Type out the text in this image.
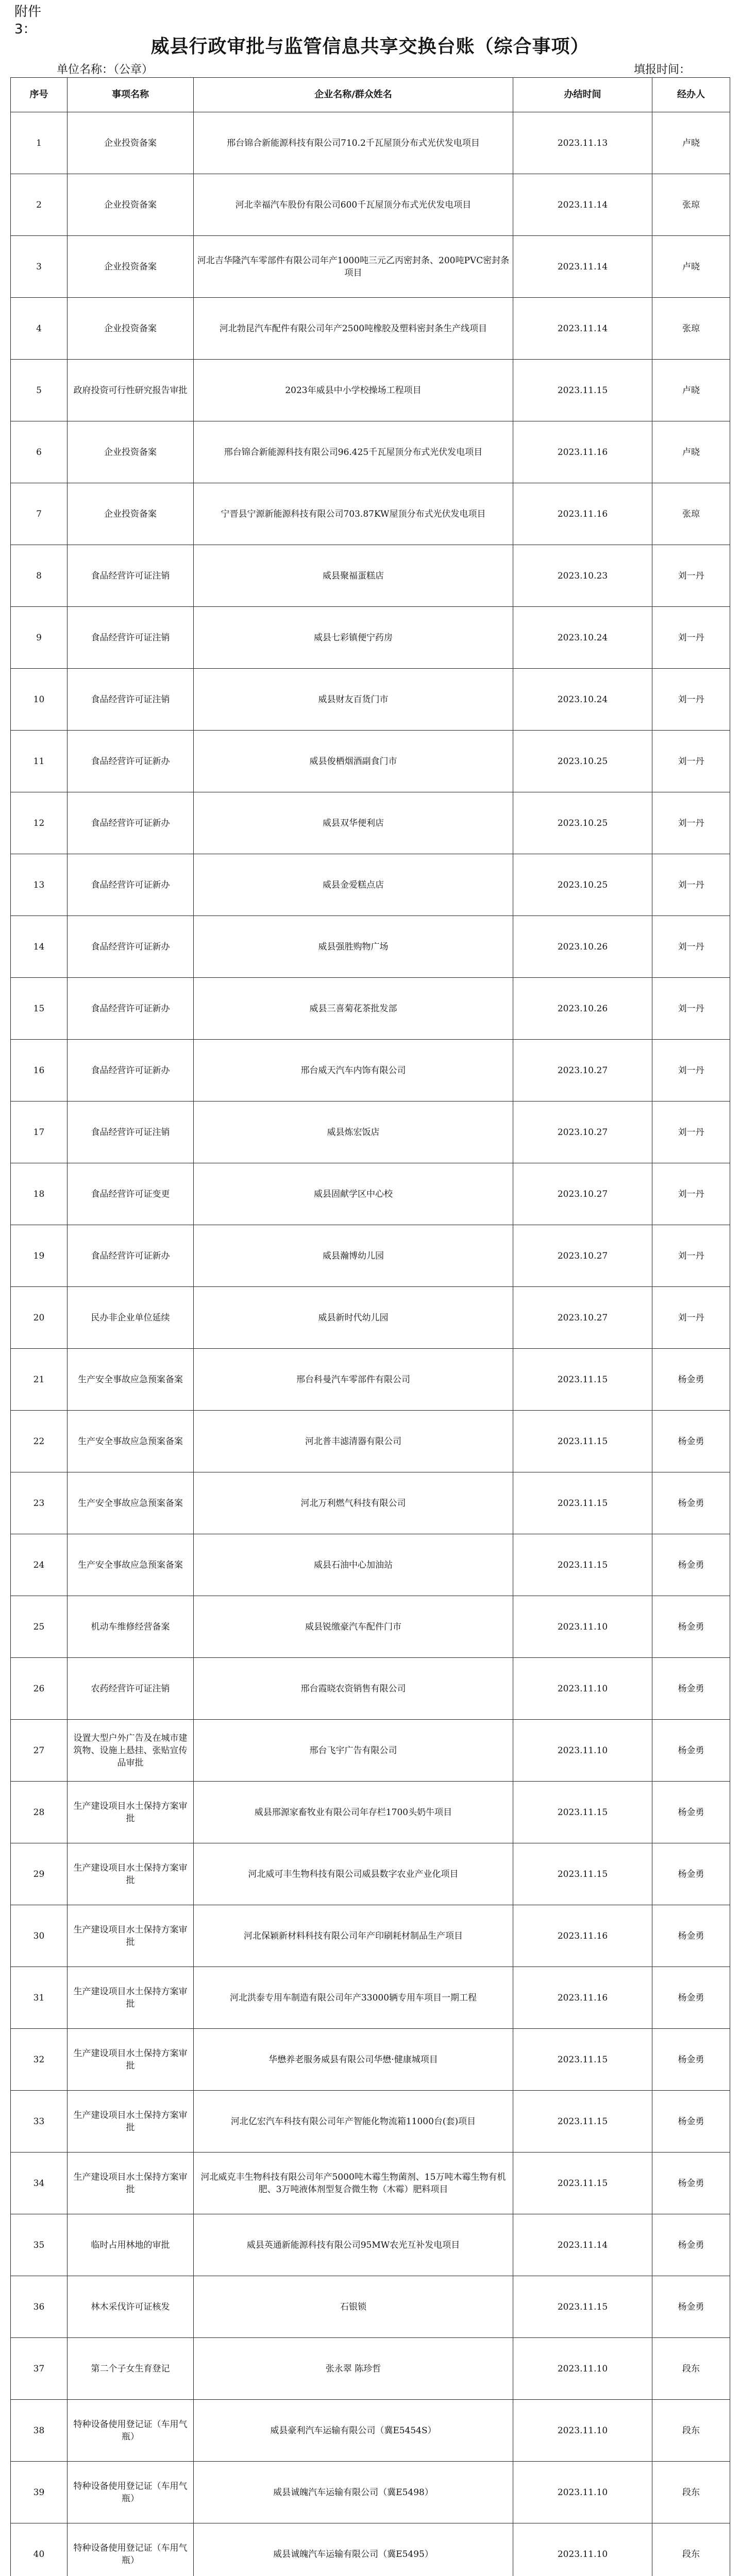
附件3：
威县行政审批与监管信息共享交换台账（综合事项）
单位名称：（公章）	填报时间：
序号	事项名称	企业名称/群众姓名	办结时间	经办人
1	企业投资备案	邢台锦合新能源科技有限公司710.2千瓦屋顶分布式光伏发电项目	2023.11.13	卢晓
2	企业投资备案	河北幸福汽车股份有限公司600千瓦屋顶分布式光伏发电项目	2023.11.14	张琼
3	企业投资备案	河北吉华隆汽车零部件有限公司年产1000吨三元乙丙密封条、200吨PVC密封条项目	2023.11.14	卢晓
4	企业投资备案	河北勃昆汽车配件有限公司年产2500吨橡胶及塑料密封条生产线项目	2023.11.14	张琼
5	政府投资可行性研究报告审批	2023年威县中小学校操场工程项目	2023.11.15	卢晓
6	企业投资备案	邢台锦合新能源科技有限公司96.425千瓦屋顶分布式光伏发电项目	2023.11.16	卢晓
7	企业投资备案	宁晋县宁源新能源科技有限公司703.87KW屋顶分布式光伏发电项目	2023.11.16	张琼
8	食品经营许可证注销	威县聚福蛋糕店	2023.10.23	刘一丹
9	食品经营许可证注销	威县七彩镇便宁药房	2023.10.24	刘一丹
10	食品经营许可证注销	威县财友百货门市	2023.10.24	刘一丹
11	食品经营许可证新办	威县俊栖烟酒副食门市	2023.10.25	刘一丹
12	食品经营许可证新办	威县双华便利店	2023.10.25	刘一丹
13	食品经营许可证新办	威县金爱糕点店	2023.10.25	刘一丹
14	食品经营许可证新办	威县强胜购物广场	2023.10.26	刘一丹
15	食品经营许可证新办	威县三喜菊花茶批发部	2023.10.26	刘一丹
16	食品经营许可证新办	邢台威天汽车内饰有限公司	2023.10.27	刘一丹
17	食品经营许可证注销	威县炼宏饭店	2023.10.27	刘一丹
18	食品经营许可证变更	威县固献学区中心校	2023.10.27	刘一丹
19	食品经营许可证新办	威县瀚博幼儿园	2023.10.27	刘一丹
20	民办非企业单位延续	威县新时代幼儿园	2023.10.27	刘一丹
21	生产安全事故应急预案备案	邢台科曼汽车零部件有限公司	2023.11.15	杨金勇
22	生产安全事故应急预案备案	河北普丰滤清器有限公司	2023.11.15	杨金勇
23	生产安全事故应急预案备案	河北万利燃气科技有限公司	2023.11.15	杨金勇
24	生产安全事故应急预案备案	威县石油中心加油站	2023.11.15	杨金勇
25	机动车维修经营备案	威县锐缴豪汽车配件门市	2023.11.10	杨金勇
26	农药经营许可证注销	邢台霞晓农资销售有限公司	2023.11.10	杨金勇
27	设置大型户外广告及在城市建筑物、设施上悬挂、张贴宣传品审批	邢台飞宇广告有限公司	2023.11.10	杨金勇
28	生产建设项目水土保持方案审批	威县邢源家畜牧业有限公司年存栏1700头奶牛项目	2023.11.15	杨金勇
29	生产建设项目水土保持方案审批	河北威可丰生物科技有限公司威县数字农业产业化项目	2023.11.15	杨金勇
30	生产建设项目水土保持方案审批	河北保颖新材料科技有限公司年产印刷耗材制品生产项目	2023.11.16	杨金勇
31	生产建设项目水土保持方案审批	河北洪泰专用车制造有限公司年产33000辆专用车项目一期工程	2023.11.16	杨金勇
32	生产建设项目水土保持方案审批	华懋养老服务威县有限公司华懋·健康城项目	2023.11.15	杨金勇
33	生产建设项目水土保持方案审批	河北亿宏汽车科技有限公司年产智能化物流箱11000台(套)项目	2023.11.15	杨金勇
34	生产建设项目水土保持方案审批	河北威克丰生物科技有限公司年产5000吨木霉生物菌剂、15万吨木霉生物有机肥、3万吨液体剂型复合微生物（木霉）肥料项目	2023.11.15	杨金勇
35	临时占用林地的审批	威县英通新能源科技有限公司95MW农光互补发电项目	2023.11.14	杨金勇
36	林木采伐许可证核发	石银锁	2023.11.15	杨金勇
37	第二个子女生育登记	张永翠 陈珍哲	2023.11.10	段东
38	特种设备使用登记证（车用气瓶）	威县豪利汽车运输有限公司（冀E5454S）	2023.11.10	段东
39	特种设备使用登记证（车用气瓶）	威县诚魄汽车运输有限公司（冀E5498）	2023.11.10	段东
40	特种设备使用登记证（车用气瓶）	威县诚魄汽车运输有限公司（冀E5495）	2023.11.10	段东
